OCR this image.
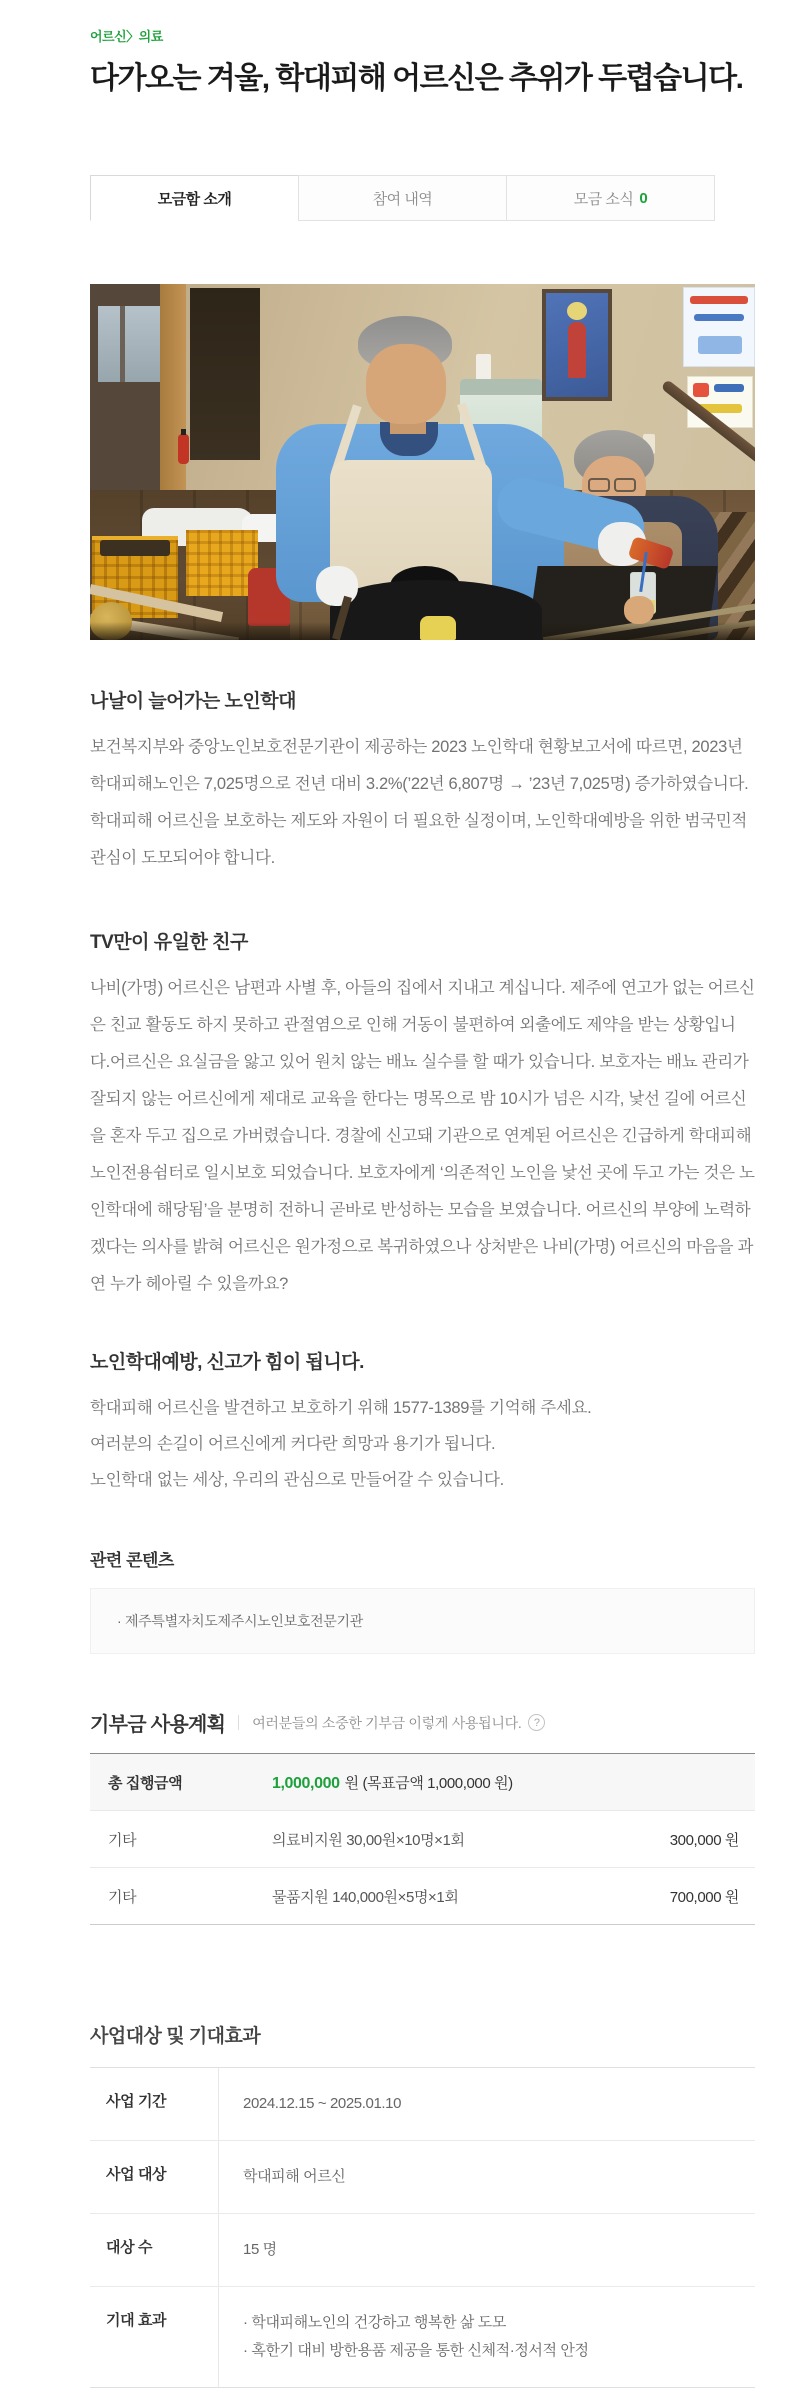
어르신〉의료
다가오는 겨울, 학대피해 어르신은 추위가 두렵습니다.
모금함 소개	참여 내역	모금 소식 0
나날이 늘어가는 노인학대

보건복지부와 중앙노인보호전문기관이 제공하는 2023 노인학대 현황보고서에 따르면, 2023년 학대피해노인은 7,025명으로 전년 대비 3.2%(’22년 6,807명 → ’23년 7,025명) 증가하였습니다. 학대피해 어르신을 보호하는 제도와 자원이 더 필요한 실정이며, 노인학대예방을 위한 범국민적 관심이 도모되어야 합니다.

TV만이 유일한 친구

나비(가명) 어르신은 남편과 사별 후, 아들의 집에서 지내고 계십니다. 제주에 연고가 없는 어르신은 친교 활동도 하지 못하고 관절염으로 인해 거동이 불편하여 외출에도 제약을 받는 상황입니다.어르신은 요실금을 앓고 있어 원치 않는 배뇨 실수를 할 때가 있습니다. 보호자는 배뇨 관리가 잘되지 않는 어르신에게 제대로 교육을 한다는 명목으로 밤 10시가 넘은 시각, 낯선 길에 어르신을 혼자 두고 집으로 가버렸습니다. 경찰에 신고돼 기관으로 연계된 어르신은 긴급하게 학대피해노인전용쉼터로 일시보호 되었습니다. 보호자에게 ‘의존적인 노인을 낯선 곳에 두고 가는 것은 노인학대에 해당됨’을 분명히 전하니 곧바로 반성하는 모습을 보였습니다. 어르신의 부양에 노력하겠다는 의사를 밝혀 어르신은 원가정으로 복귀하였으나 상처받은 나비(가명) 어르신의 마음을 과연 누가 헤아릴 수 있을까요?

노인학대예방, 신고가 힘이 됩니다.
학대피해 어르신을 발견하고 보호하기 위해 1577-1389를 기억해 주세요.
여러분의 손길이 어르신에게 커다란 희망과 용기가 됩니다.
노인학대 없는 세상, 우리의 관심으로 만들어갈 수 있습니다.
관련 콘텐츠
· 제주특별자치도제주시노인보호전문기관
기부금 사용계획 여러분들의 소중한 기부금 이렇게 사용됩니다.	?
총 집행금액	1,000,000 원 (목표금액 1,000,000 원)
기타	의료비지원 30,00원×10명×1회	300,000 원
기타	물품지원 140,000원×5명×1회	700,000 원
사업대상 및 기대효과
사업 기간	2024.12.15 ~ 2025.01.10
사업 대상	학대피해 어르신
대상 수	15 명
기대 효과	· 학대피해노인의 건강하고 행복한 삶 도모
· 혹한기 대비 방한용품 제공을 통한 신체적·정서적 안정
